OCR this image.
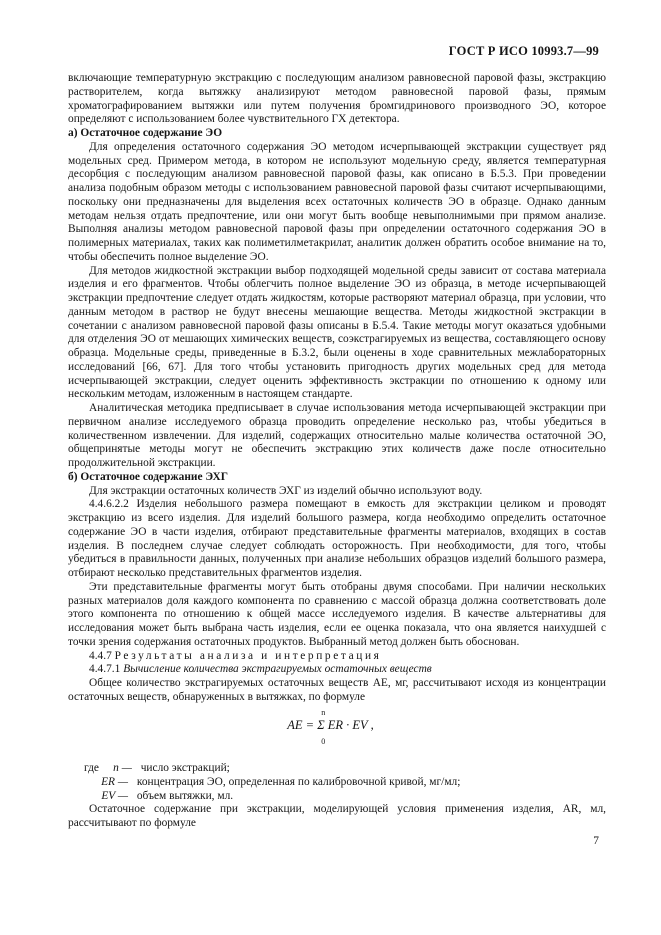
ГОСТ Р ИСО 10993.7—99

включающие температурную экстракцию с последующим анализом равновесной паровой фазы, экстракцию растворителем, когда вытяжку анализируют методом равновесной паровой фазы, прямым хроматографированием вытяжки или путем получения бромгидринового производного ЭО, которое определяют с использованием более чувствительного ГХ детектора.

а) Остаточное содержание ЭО

Для определения остаточного содержания ЭО методом исчерпывающей экстракции существует ряд модельных сред. Примером метода, в котором не используют модельную среду, является температурная десорбция с последующим анализом равновесной паровой фазы, как описано в Б.5.3. При проведении анализа подобным образом методы с использованием равновесной паровой фазы считают исчерпывающими, поскольку они предназначены для выделения всех остаточных количеств ЭО в образце. Однако данным методам нельзя отдать предпочтение, или они могут быть вообще невыполнимыми при прямом анализе. Выполняя анализы методом равновесной паровой фазы при определении остаточного содержания ЭО в полимерных материалах, таких как полиметилметакрилат, аналитик должен обратить особое внимание на то, чтобы обеспечить полное выделение ЭО.

Для методов жидкостной экстракции выбор подходящей модельной среды зависит от состава материала изделия и его фрагментов. Чтобы облегчить полное выделение ЭО из образца, в методе исчерпывающей экстракции предпочтение следует отдать жидкостям, которые растворяют материал образца, при условии, что данным методом в раствор не будут внесены мешающие вещества. Методы жидкостной экстракции в сочетании с анализом равновесной паровой фазы описаны в Б.5.4. Такие методы могут оказаться удобными для отделения ЭО от мешающих химических веществ, соэкстрагируемых из вещества, составляющего основу образца. Модельные среды, приведенные в Б.3.2, были оценены в ходе сравнительных межлабораторных исследований [66, 67]. Для того чтобы установить пригодность других модельных сред для метода исчерпывающей экстракции, следует оценить эффективность экстракции по отношению к одному или нескольким методам, изложенным в настоящем стандарте.

Аналитическая методика предписывает в случае использования метода исчерпывающей экстракции при первичном анализе исследуемого образца проводить определение несколько раз, чтобы убедиться в количественном извлечении. Для изделий, содержащих относительно малые количества остаточной ЭО, общепринятые методы могут не обеспечить экстракцию этих количеств даже после относительно продолжительной экстракции.

б) Остаточное содержание ЭХГ

Для экстракции остаточных количеств ЭХГ из изделий обычно используют воду.

4.4.6.2.2 Изделия небольшого размера помещают в емкость для экстракции целиком и проводят экстракцию из всего изделия. Для изделий большого размера, когда необходимо определить остаточное содержание ЭО в части изделия, отбирают представительные фрагменты материалов, входящих в состав изделия. В последнем случае следует соблюдать осторожность. При необходимости, для того, чтобы убедиться в правильности данных, полученных при анализе небольших образцов изделий большого размера, отбирают несколько представительных фрагментов изделия.

Эти представительные фрагменты могут быть отобраны двумя способами. При наличии нескольких разных материалов доля каждого компонента по сравнению с массой образца должна соответствовать доле этого компонента по отношению к общей массе исследуемого изделия. В качестве альтернативы для исследования может быть выбрана часть изделия, если ее оценка показала, что она является наихудшей с точки зрения содержания остаточных продуктов. Выбранный метод должен быть обоснован.

4.4.7 Результаты анализа и интерпретация

4.4.7.1 Вычисление количества экстрагируемых остаточных веществ

Общее количество экстрагируемых остаточных веществ AE, мг, рассчитывают исходя из концентрации остаточных веществ, обнаруженных в вытяжках, по формуле

n
AE = Σ ER · EV ,
0
где n — число экстракций;
ER — концентрация ЭО, определенная по калибровочной кривой, мг/мл;
EV — объем вытяжки, мл.

Остаточное содержание при экстракции, моделирующей условия применения изделия, AR, мл, рассчитывают по формуле

7
